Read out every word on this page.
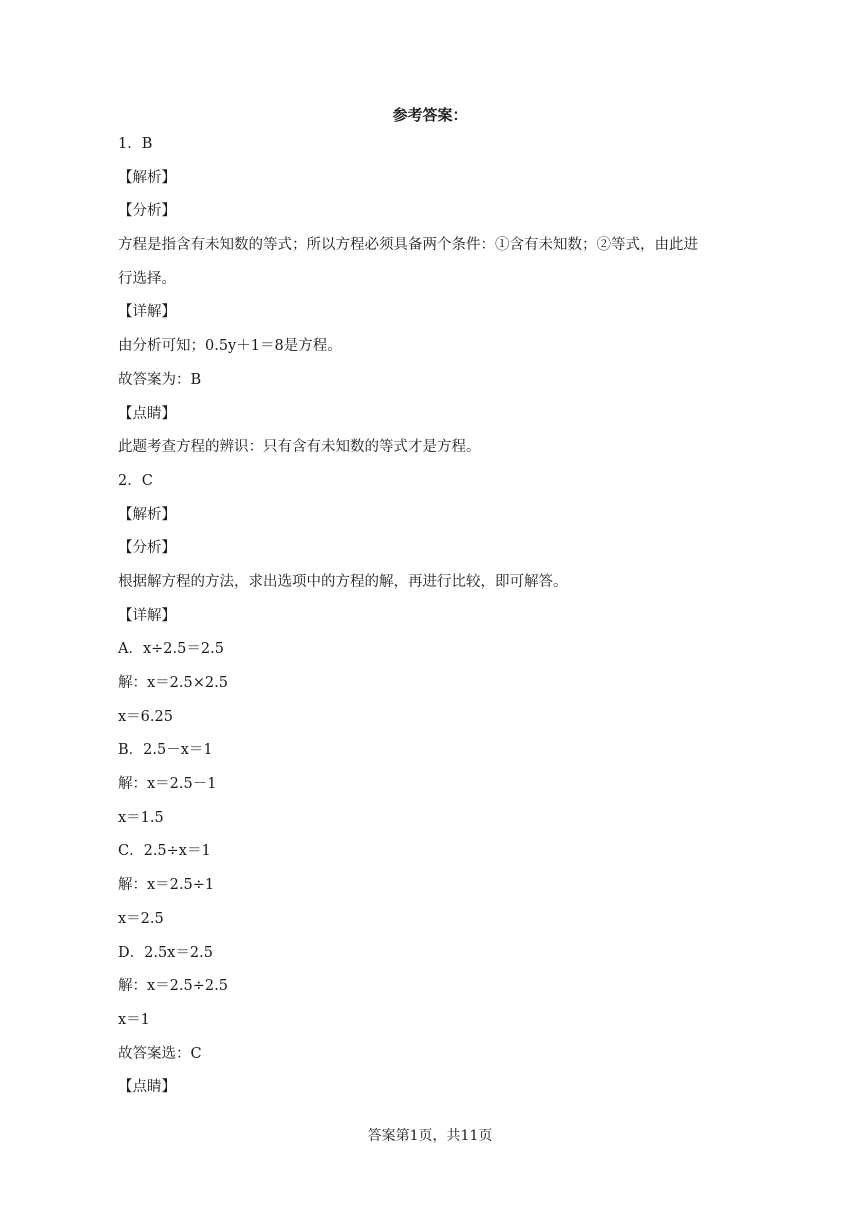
参考答案：
1．B
【解析】
【分析】
方程是指含有未知数的等式；所以方程必须具备两个条件：①含有未知数；②等式，由此进
行选择。
【详解】
由分析可知；0.5y＋1＝8是方程。
故答案为：B
【点睛】
此题考查方程的辨识：只有含有未知数的等式才是方程。
2．C
【解析】
【分析】
根据解方程的方法，求出选项中的方程的解，再进行比较，即可解答。
【详解】
A．x÷2.5＝2.5
解：x＝2.5×2.5
x＝6.25
B．2.5－x＝1
解：x＝2.5－1
x＝1.5
C．2.5÷x＝1
解：x＝2.5÷1
x＝2.5
D．2.5x＝2.5
解：x＝2.5÷2.5
x＝1
故答案选：C
【点睛】
答案第1页，共11页
